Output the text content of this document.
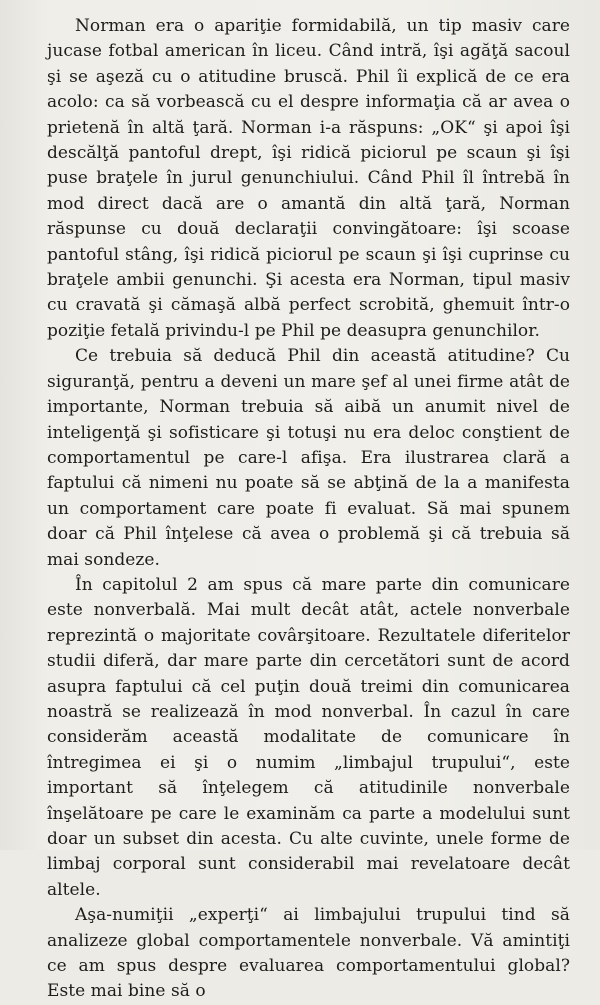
Norman era o apariţie formidabilă, un tip masiv care jucase fotbal american în liceu. Când intră, îşi agăţă sacoul şi se aşeză cu o atitudine bruscă. Phil îi explică de ce era acolo: ca să vorbească cu el despre informaţia că ar avea o prietenă în altă ţară. Norman i-a răspuns: „OK“ şi apoi îşi descălţă pantoful drept, îşi ridică piciorul pe scaun şi îşi puse braţele în jurul genunchiului. Când Phil îl întrebă în mod direct dacă are o amantă din altă ţară, Norman răspunse cu două declaraţii convingătoare: îşi scoase pantoful stâng, îşi ridică piciorul pe scaun şi îşi cuprinse cu braţele ambii genunchi. Şi acesta era Norman, tipul masiv cu cravată şi cămaşă albă perfect scrobită, ghemuit într-o poziţie fetală privindu-l pe Phil pe deasupra genunchilor.

Ce trebuia să deducă Phil din această atitudine? Cu siguranţă, pentru a deveni un mare şef al unei firme atât de importante, Norman trebuia să aibă un anumit nivel de inteligenţă şi sofisticare şi totuşi nu era deloc conştient de comportamentul pe care-l afişa. Era ilustrarea clară a faptului că nimeni nu poate să se abţină de la a manifesta un comportament care poate fi evaluat. Să mai spunem doar că Phil înţelese că avea o problemă şi că trebuia să mai sondeze.

În capitolul 2 am spus că mare parte din comunicare este nonverbală. Mai mult decât atât, actele nonverbale reprezintă o majoritate covârşitoare. Rezultatele diferitelor studii diferă, dar mare parte din cercetători sunt de acord asupra faptului că cel puţin două treimi din comunicarea noastră se realizează în mod nonverbal. În cazul în care considerăm această modalitate de comunicare în întregimea ei şi o numim „limbajul trupului“, este important să înţelegem că atitudinile nonverbale înşelătoare pe care le examinăm ca parte a modelului sunt doar un subset din acesta. Cu alte cuvinte, unele forme de limbaj corporal sunt considerabil mai revelatoare decât altele.

Aşa-numiţii „experţi“ ai limbajului trupului tind să analizeze global comportamentele nonverbale. Vă amintiţi ce am spus despre evaluarea comportamentului global? Este mai bine să o
